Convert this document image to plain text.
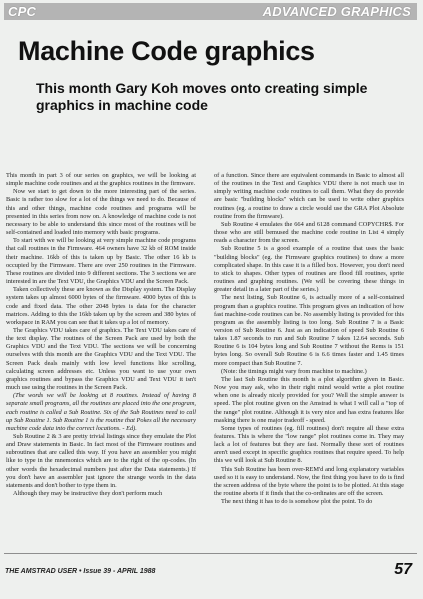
CPC	ADVANCED GRAPHICS
Machine Code graphics
This month Gary Koh moves onto creating simple graphics in machine code

This month in part 3 of our series on graphics, we will be looking at simple machine code routines and at the graphics routines in the firmware.

Now we start to get down to the more interesting part of the series. Basic is rather too slow for a lot of the things we need to do. Because of this and other things, machine code routines and programs will be presented in this series from now on. A knowledge of machine code is not necessary to be able to understand this since most of the routines will be self-contained and loaded into memory with basic programs.

To start with we will be looking at very simple machine code programs that call routines in the Firmware. 464 owners have 32 kb of ROM inside their machine. 16kb of this is taken up by Basic. The other 16 kb is occupied by the Firmware. There are over 250 routines in the Firmware. These routines are divided into 9 different sections. The 3 sections we are interested in are the Text VDU, the Graphics VDU and the Screen Pack.

Taken collectively these are known as the Display system. The Display system takes up almost 6000 bytes of the firmware. 4000 bytes of this is code and fixed data. The other 2048 bytes is data for the character matrices. Adding to this the 16kb taken up by the screen and 380 bytes of workspace in RAM you can see that it takes up a lot of memory.

The Graphics VDU takes care of graphics. The Text VDU takes care of the text display. The routines of the Screen Pack are used by both the Graphics VDU and the Text VDU. The sections we will be concerning ourselves with this month are the Graphics VDU and the Text VDU. The Screen Pack deals mainly with low level functions like scrolling, calculating screen addresses etc. Unless you want to use your own graphics routines and bypass the Graphics VDU and Text VDU it isn't much use using the routines in the Screen Pack.

(The words we will be looking at 8 routines. Instead of having 8 separate small programs, all the routines are placed into the one program, each routine is called a Sub Routine. Six of the Sub Routines need to call up Sub Routine 1. Sub Routine 1 is the routine that Pokes all the necessary machine code data into the correct locations. - Ed).

Sub Routine 2 & 3 are pretty trivial listings since they emulate the Plot and Draw statements in Basic. In fact most of the Firmware routines and subroutines that are called this way. If you have an assembler you might like to type in the mnemonics which are to the right of the op-codes. (In other words the hexadecimal numbers just after the Data statements.) If you don't have an assembler just ignore the strange words in the data statements and don't bother to type them in.

Although they may be instructive they don't perform much

of a function. Since there are equivalent commands in Basic to almost all of the routines in the Text and Graphics VDU there is not much use in simply writing machine code routines to call them. What they do provide are basic "building blocks" which can be used to write other graphics routines (eg. a routine to draw a circle would use the GRA Plot Absolute routine from the firmware).

Sub Routine 4 emulates the 664 and 6128 command COPYCHR$. For those who are still bemused the machine code routine in List 4 simply reads a character from the screen.

Sub Routine 5 is a good example of a routine that uses the basic "building blocks" (eg. the Firmware graphics routines) to draw a more complicated shape. In this case it is a filled box. However, you don't need to stick to shapes. Other types of routines are flood fill routines, sprite routines and graphing routines. (We will be covering these things in greater detail in a later part of the series.)

The next listing, Sub Routine 6, is actually more of a self-contained program than a graphics routine. This program gives an indication of how fast machine-code routines can be. No assembly listing is provided for this program as the assembly listing is too long. Sub Routine 7 is a Basic version of Sub Routine 6. Just as an indication of speed Sub Routine 6 takes 1.87 seconds to run and Sub Routine 7 takes 12.64 seconds. Sub Routine 6 is 104 bytes long and Sub Routine 7 without the Rems is 151 bytes long. So overall Sub Routine 6 is 6.6 times faster and 1.45 times more compact than Sub Routine 7.

(Note: the timings might vary from machine to machine.)

The last Sub Routine this month is a plot algorithm given in Basic. Now you may ask, who in their right mind would write a plot routine when one is already nicely provided for you? Well the simple answer is speed. The plot routine given on the Amstrad is what I will call a "top of the range" plot routine. Although it is very nice and has extra features like masking there is one major tradeoff - speed.

Some types of routines (eg. fill routines) don't require all these extra features. This is where the "low range" plot routines come in. They may lack a lot of features but they are fast. Normally these sort of routines aren't used except in specific graphics routines that require speed. To help this we will look at Sub Routine 8.

This Sub Routine has been over-REM'd and long explanatory variables used so it is easy to understand. Now, the first thing you have to do is find the screen address of the byte where the point is to be plotted. At this stage the routine aborts if it finds that the co-ordinates are off the screen.

The next thing it has to do is somehow plot the point. To do

THE AMSTRAD USER • Issue 39 - APRIL 1988	57
